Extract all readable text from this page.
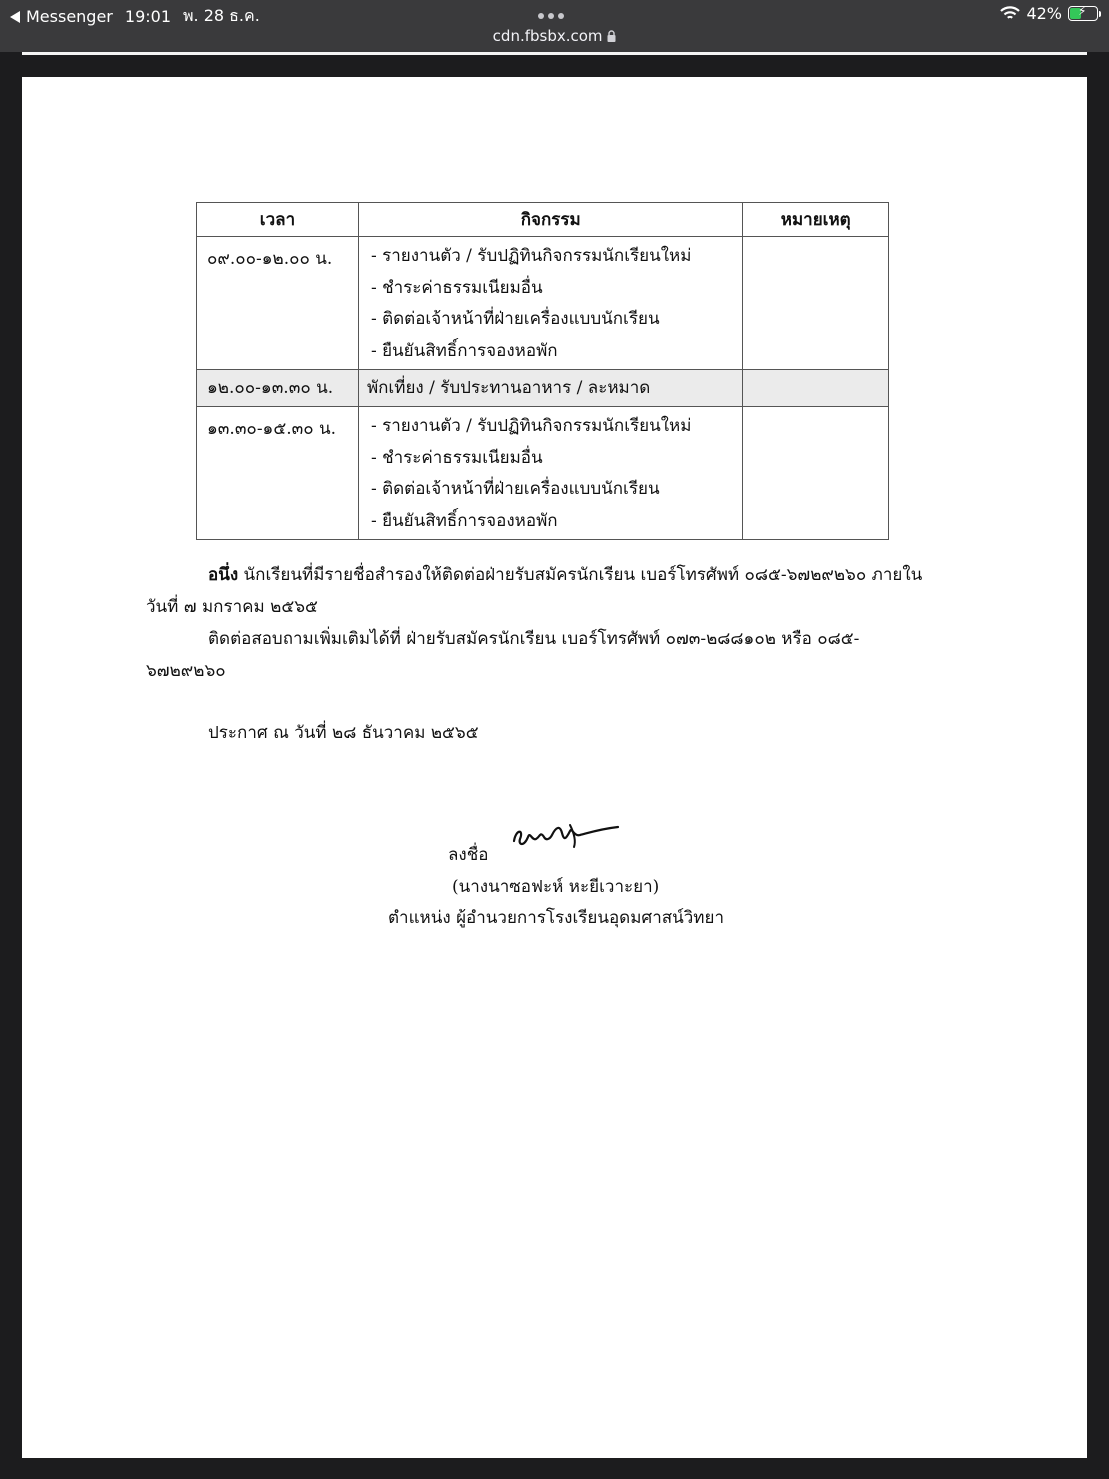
Messenger 19:01 พ. 28 ธ.ค.
cdn.fbsbx.com
42% ⚡
เวลา	กิจกรรม	หมายเหตุ
๐๙.๐๐-๑๒.๐๐ น.	- รายงานตัว / รับปฏิทินกิจกรรมนักเรียนใหม่
- ชำระค่าธรรมเนียมอื่น
- ติดต่อเจ้าหน้าที่ฝ่ายเครื่องแบบนักเรียน
- ยืนยันสิทธิ์การจองหอพัก	

๑๒.๐๐-๑๓.๓๐ น.	พักเที่ยง / รับประทานอาหาร / ละหมาด	
๑๓.๓๐-๑๕.๓๐ น.	- รายงานตัว / รับปฏิทินกิจกรรมนักเรียนใหม่
- ชำระค่าธรรมเนียมอื่น
- ติดต่อเจ้าหน้าที่ฝ่ายเครื่องแบบนักเรียน
- ยืนยันสิทธิ์การจองหอพัก	

อนึ่ง นักเรียนที่มีรายชื่อสำรองให้ติดต่อฝ่ายรับสมัครนักเรียน เบอร์โทรศัพท์ ๐๘๕-๖๗๒๙๒๖๐ ภายใน
วันที่ ๗ มกราคม ๒๕๖๕
ติดต่อสอบถามเพิ่มเติมได้ที่ ฝ่ายรับสมัครนักเรียน เบอร์โทรศัพท์ ๐๗๓-๒๘๘๑๐๒ หรือ ๐๘๕-
๖๗๒๙๒๖๐
ประกาศ ณ วันที่ ๒๘ ธันวาคม ๒๕๖๕
ลงชื่อ
(นางนาซอฟะห์ หะยีเวาะยา)
ตำแหน่ง ผู้อำนวยการโรงเรียนอุดมศาสน์วิทยา
